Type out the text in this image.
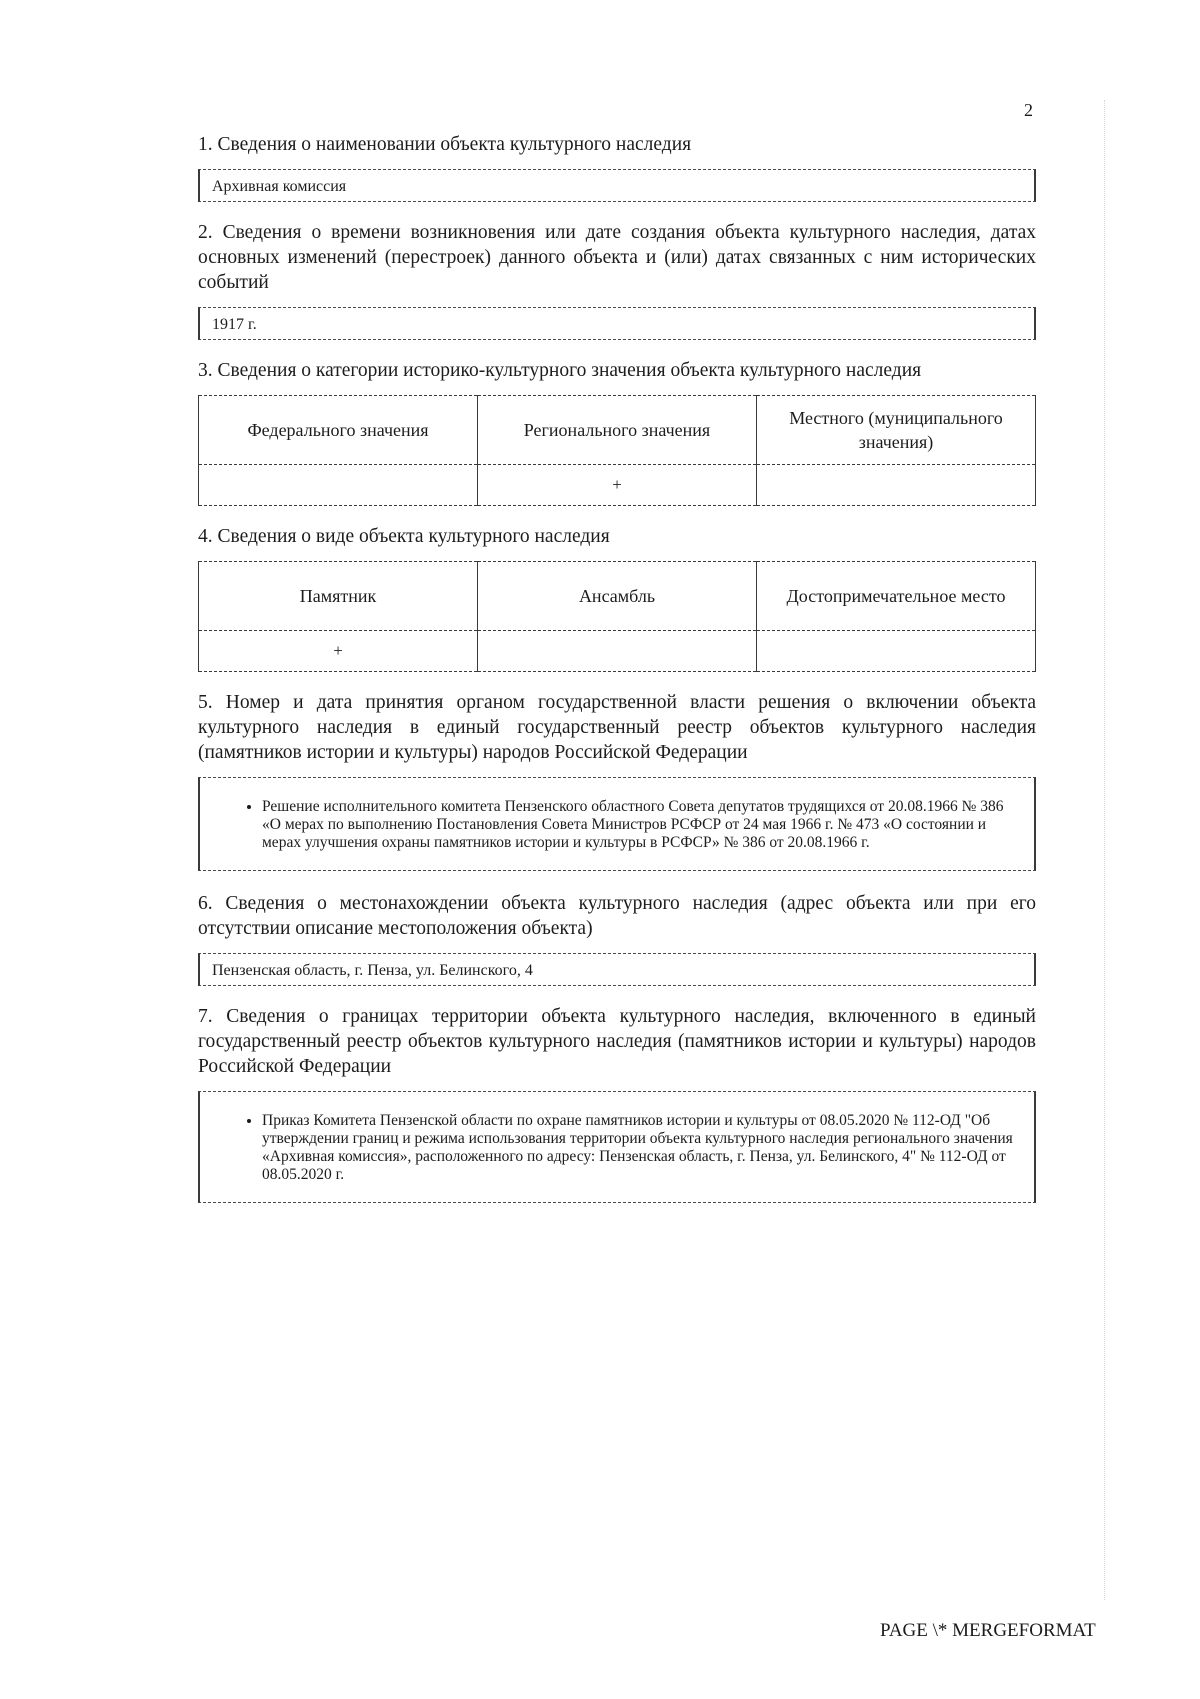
2

1. Сведения о наименовании объекта культурного наследия

Архивная комиссия

2. Сведения о времени возникновения или дате создания объекта культурного наследия, датах основных изменений (перестроек) данного объекта и (или) датах связанных с ним исторических событий

1917 г.

3. Сведения о категории историко-культурного значения объекта культурного наследия

Федерального значения	Регионального значения	Местного (муниципального значения)
	+	

4. Сведения о виде объекта культурного наследия

Памятник	Ансамбль	Достопримечательное место
+		

5. Номер и дата принятия органом государственной власти решения о включении объекта культурного наследия в единый государственный реестр объектов культурного наследия (памятников истории и культуры) народов Российской Федерации

• Решение исполнительного комитета Пензенского областного Совета депутатов трудящихся от 20.08.1966 № 386 «О мерах по выполнению Постановления Совета Министров РСФСР от 24 мая 1966 г. № 473 «О состоянии и мерах улучшения охраны памятников истории и культуры в РСФСР» № 386 от 20.08.1966 г.

6. Сведения о местонахождении объекта культурного наследия (адрес объекта или при его отсутствии описание местоположения объекта)

Пензенская область, г. Пенза, ул. Белинского, 4

7. Сведения о границах территории объекта культурного наследия, включенного в единый государственный реестр объектов культурного наследия (памятников истории и культуры) народов Российской Федерации

• Приказ Комитета Пензенской области по охране памятников истории и культуры от 08.05.2020 № 112-ОД "Об утверждении границ и режима использования территории объекта культурного наследия регионального значения «Архивная комиссия», расположенного по адресу: Пензенская область, г. Пенза, ул. Белинского, 4" № 112-ОД от 08.05.2020 г.
PAGE \* MERGEFORMAT
